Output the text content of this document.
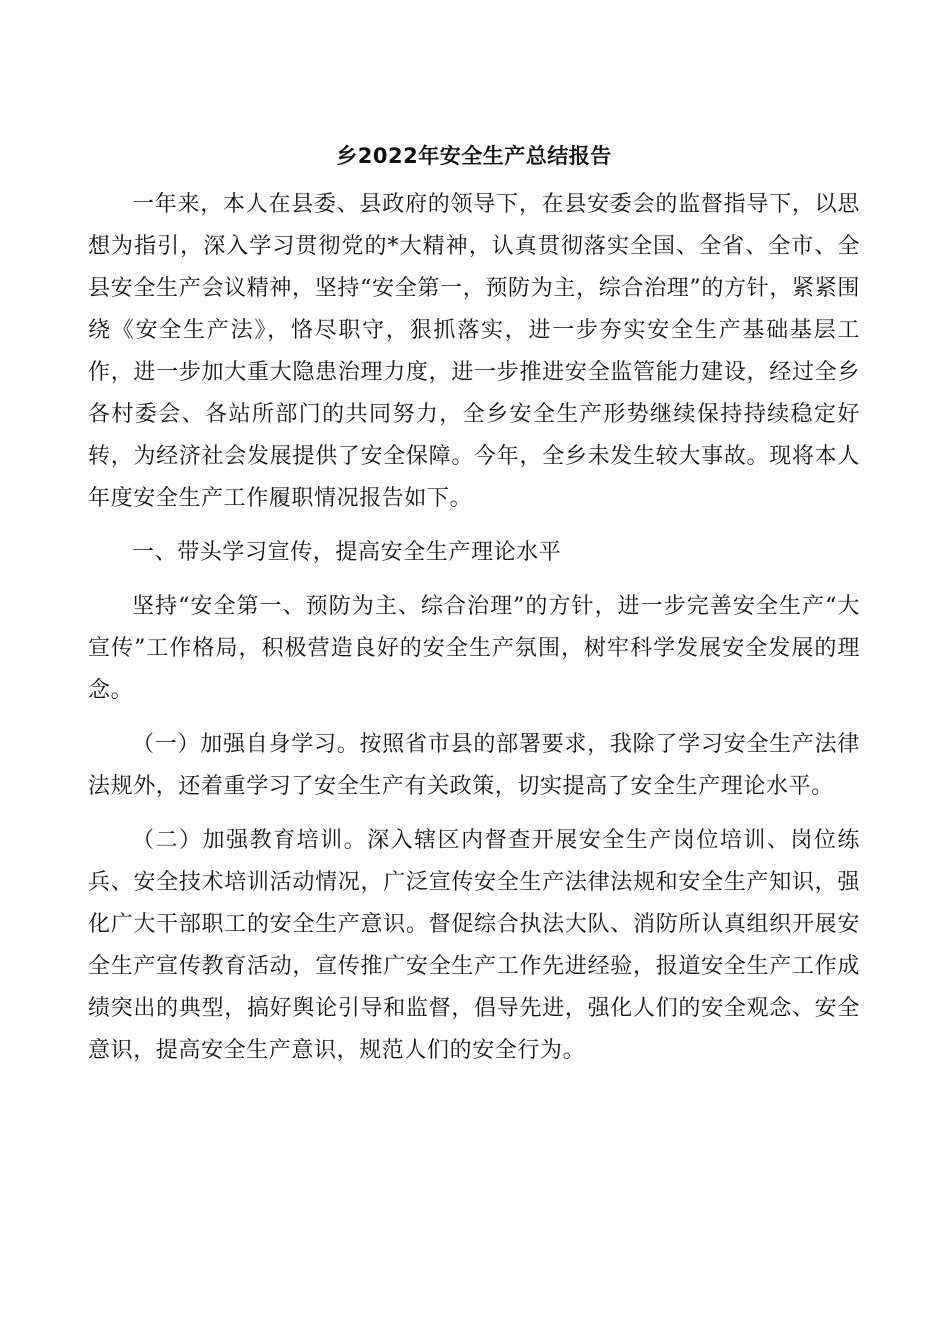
乡2022年安全生产总结报告

一年来，本人在县委、县政府的领导下，在县安委会的监督指导下，以思想为指引，深入学习贯彻党的*大精神，认真贯彻落实全国、全省、全市、全县安全生产会议精神，坚持“安全第一，预防为主，综合治理”的方针，紧紧围绕《安全生产法》，恪尽职守，狠抓落实，进一步夯实安全生产基础基层工作，进一步加大重大隐患治理力度，进一步推进安全监管能力建设，经过全乡各村委会、各站所部门的共同努力，全乡安全生产形势继续保持持续稳定好转，为经济社会发展提供了安全保障。今年，全乡未发生较大事故。现将本人年度安全生产工作履职情况报告如下。

一、带头学习宣传，提高安全生产理论水平

坚持“安全第一、预防为主、综合治理”的方针，进一步完善安全生产“大宣传”工作格局，积极营造良好的安全生产氛围，树牢科学发展安全发展的理念。

（一）加强自身学习。按照省市县的部署要求，我除了学习安全生产法律法规外，还着重学习了安全生产有关政策，切实提高了安全生产理论水平。

（二）加强教育培训。深入辖区内督查开展安全生产岗位培训、岗位练兵、安全技术培训活动情况，广泛宣传安全生产法律法规和安全生产知识，强化广大干部职工的安全生产意识。督促综合执法大队、消防所认真组织开展安全生产宣传教育活动，宣传推广安全生产工作先进经验，报道安全生产工作成绩突出的典型，搞好舆论引导和监督，倡导先进，强化人们的安全观念、安全意识，提高安全生产意识，规范人们的安全行为。
